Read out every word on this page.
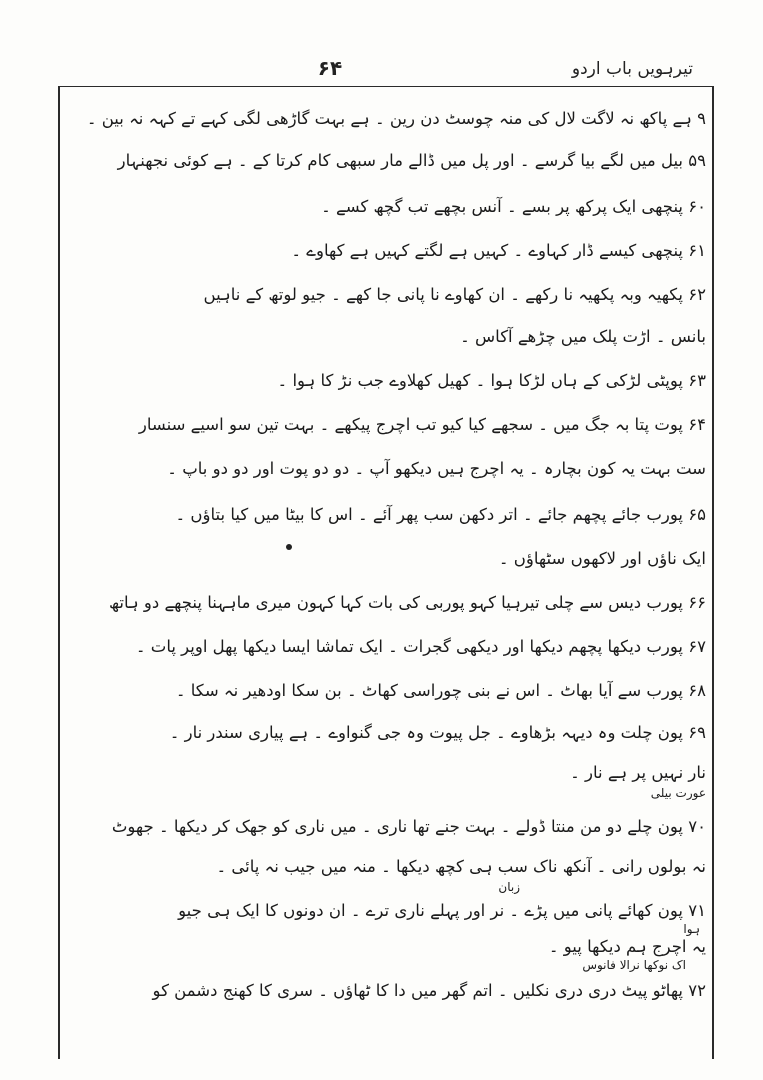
تیرہویں باب اردو
۶۴
۹ ہے پاکھ نہ لاگت لال کی منہ چوسٹ دن رین ۔ ہے بہت گاڑھی لگی کہے تے کہہ نہ بین ۔
۵۹ بیل میں لگے بیا گرسے ۔ اور پل میں ڈالے مار سبھی کام کرتا کے ۔ ہے کوئی نجھنہار
۶۰ پنچھی ایک پرکھ پر بسے ۔ آنس بچھے تب گچھ کسے ۔
۶۱ پنچھی کیسے ڈار کہاوے ۔ کہیں ہے لگتے کہیں ہے کھاوے ۔
۶۲ پکھیہ وبہ پکھیہ نا رکھے ۔ ان کھاوے نا پانی جا کھے ۔ جیو لوتھ کے ناہیں
بانس ۔ اڑت پلک میں چڑھے آکاس ۔
۶۳ پوپٹی لڑکی کے ہاں لڑکا ہوا ۔ کھیل کھلاوے جب نڑ کا ہوا ۔
۶۴ پوت پتا بہ جگ میں ۔ سجھے کیا کیو تب اچرج پیکھے ۔ بہت تین سو اسیے سنسار
ست بہت یہ کون بچارہ ۔ یہ اچرج ہیں دیکھو آپ ۔ دو دو پوت اور دو دو باپ ۔
۶۵ پورب جائے پچھم جائے ۔ اتر دکھن سب پھر آئے ۔ اس کا بیٹا میں کیا بتاؤں ۔
ایک ناؤں اور لاکھوں سٹھاؤں ۔
۶۶ پورب دیس سے چلی تیرہیا کہو پوربی کی بات کہا کہون میری ماہہنا پنچھے دو ہاتھ
۶۷ پورب دیکھا پچھم دیکھا اور دیکھی گجرات ۔ ایک تماشا ایسا دیکھا پھل اوپر پات ۔
۶۸ پورب سے آیا بھاٹ ۔ اس نے بنی چوراسی کھاٹ ۔ بن سکا اودھیر نہ سکا ۔
۶۹ پون چلت وہ دیہہ بڑھاوے ۔ جل پیوت وہ جی گنواوے ۔ ہے پیاری سندر نار ۔
نار نہیں پر ہے نار ۔
عورت بیلی
۷۰ پون چلے دو من منتا ڈولے ۔ بہت جنے تھا ناری ۔ میں ناری کو جھک کر دیکھا ۔ جھوٹ
نہ بولوں رانی ۔ آنکھ ناک سب ہی کچھ دیکھا ۔ منہ میں جیب نہ پائی ۔
زبان
۷۱ پون کھائے پانی میں پڑے ۔ نر اور پہلے ناری ترے ۔ ان دونوں کا ایک ہی جیو
ہوا
یہ اچرج ہم دیکھا پیو ۔
اک نوکھا نرالا فانوس
۷۲ پھاٹو پیٹ دری دری نکلیں ۔ اتم گھر میں دا کا ٹھاؤں ۔ سری کا کھنج دشمن کو
